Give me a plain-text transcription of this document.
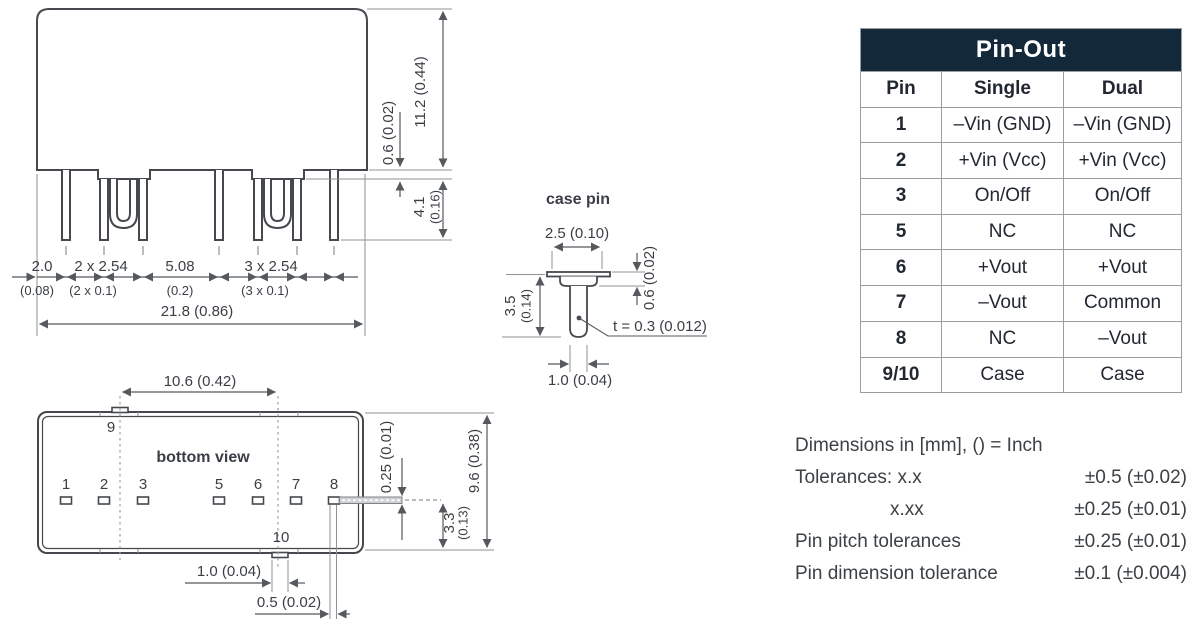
11.2 (0.44)
0.6 (0.02)
4.1 (0.16)
2.0
(0.08)
2 x 2.54
(2 x 0.1)
5.08
(0.2)
3 x 2.54
(3 x 0.1)
21.8 (0.86)
case pin
2.5 (0.10)
0.6 (0.02)
3.5 (0.14)
t = 0.3 (0.012)
1.0 (0.04)
bottom view
9
10
1 2 3	5 6 7 8
10.6 (0.42)
0.25 (0.01)	9.6 (0.38)
3.3
(0.13)
1.0 (0.04)
0.5 (0.02)
Pin-Out
Pin	Single	Dual
1	–Vin (GND)	–Vin (GND)
2	+Vin (Vcc)	+Vin (Vcc)
3	On/Off	On/Off
5	NC	NC
6	+Vout	+Vout
7	–Vout	Common
8	NC	–Vout
9/10	Case	Case
Dimensions in [mm], () = Inch
Tolerances: x.x	±0.5 (±0.02)
x.xx	±0.25 (±0.01)
Pin pitch tolerances	±0.25 (±0.01)
Pin dimension tolerance	±0.1 (±0.004)
